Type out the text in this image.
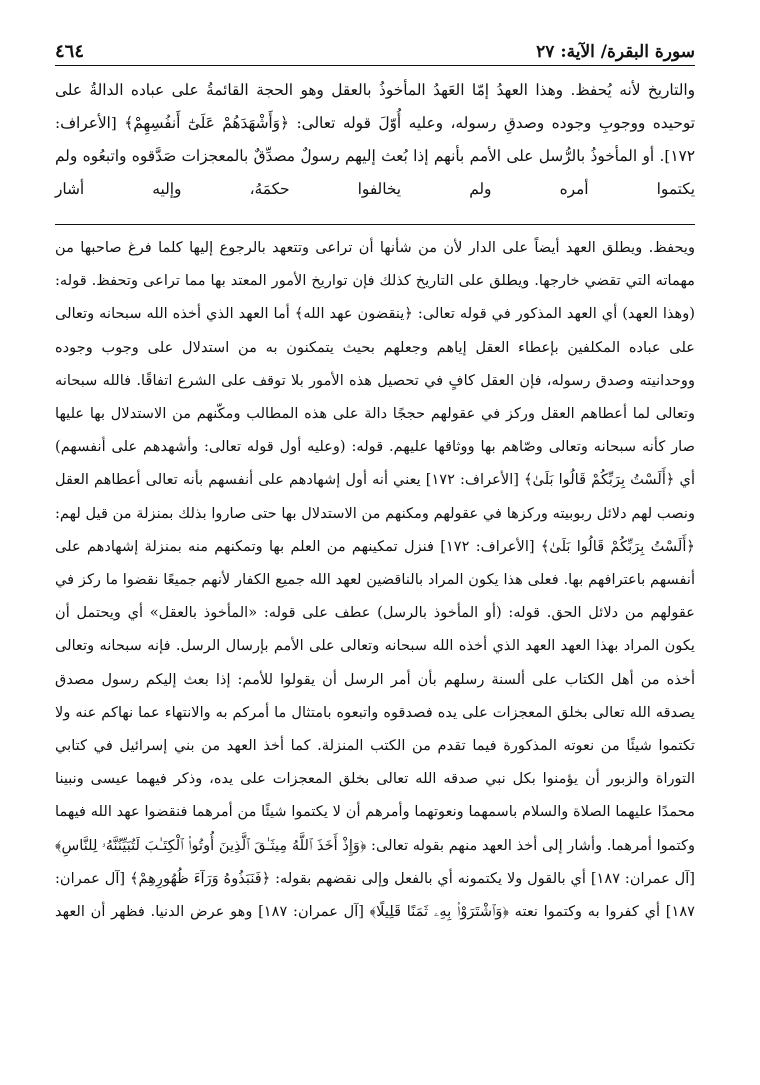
سورة البقرة/ الآية: ٢٧
٤٦٤

والتاريخ لأنه يُحفظ. وهذا العهدُ إمّا العَهدُ المأخوذُ بالعقل وهو الحجة القائمةُ على عباده الدالةُ على توحيده ووجوبِ وجوده وصدقِ رسوله، وعليه أُوّلَ قوله تعالى: ﴿وَأَشْهَدَهُمْ عَلَىٰٓ أَنفُسِهِمْ﴾ [الأعراف: ١٧٢]. أو المأخوذُ بالرُّسل على الأمم بأنهم إذا بُعث إليهم رسولٌ مصدِّقٌ بالمعجزات صَدَّقوه واتبعُوه ولم يكتموا أمره ولم يخالفوا حكمَهُ، وإليه أشار

ويحفظ. ويطلق العهد أيضاً على الدار لأن من شأنها أن تراعى وتتعهد بالرجوع إليها كلما فرغ صاحبها من مهماته التي تقضي خارجها. ويطلق على التاريخ كذلك فإن تواريخ الأمور المعتد بها مما تراعى وتحفظ. قوله: (وهذا العهد) أي العهد المذكور في قوله تعالى: ﴿ينقضون عهد الله﴾ أما العهد الذي أخذه الله سبحانه وتعالى على عباده المكلفين بإعطاء العقل إياهم وجعلهم بحيث يتمكنون به من استدلال على وجوب وجوده ووحدانيته وصدق رسوله، فإن العقل كافٍ في تحصيل هذه الأمور بلا توقف على الشرع اتفاقًا. فالله سبحانه وتعالى لما أعطاهم العقل وركز في عقولهم حججًا دالة على هذه المطالب ومكّنهم من الاستدلال بها عليها صار كأنه سبحانه وتعالى وصّاهم بها ووثاقها عليهم. قوله: (وعليه أول قوله تعالى: وأشهدهم على أنفسهم) أي ﴿أَلَسْتُ بِرَبِّكُمْ قَالُوا بَلَىٰ﴾ [الأعراف: ١٧٢] يعني أنه أول إشهادهم على أنفسهم بأنه تعالى أعطاهم العقل ونصب لهم دلائل ربوبيته وركزها في عقولهم ومكنهم من الاستدلال بها حتى صاروا بذلك بمنزلة من قيل لهم: ﴿أَلَسْتُ بِرَبِّكُمْ قَالُوا بَلَىٰ﴾ [الأعراف: ١٧٢] فنزل تمكينهم من العلم بها وتمكنهم منه بمنزلة إشهادهم على أنفسهم باعترافهم بها. فعلى هذا يكون المراد بالناقضين لعهد الله جميع الكفار لأنهم جميعًا نقضوا ما ركز في عقولهم من دلائل الحق. قوله: (أو المأخوذ بالرسل) عطف على قوله: «المأخوذ بالعقل» أي ويحتمل أن يكون المراد بهذا العهد العهد الذي أخذه الله سبحانه وتعالى على الأمم بإرسال الرسل. فإنه سبحانه وتعالى أخذه من أهل الكتاب على ألسنة رسلهم بأن أمر الرسل أن يقولوا للأمم: إذا بعث إليكم رسول مصدق يصدقه الله تعالى بخلق المعجزات على يده فصدقوه واتبعوه بامتثال ما أمركم به والانتهاء عما نهاكم عنه ولا تكتموا شيئًا من نعوته المذكورة فيما تقدم من الكتب المنزلة. كما أخذ العهد من بني إسرائيل في كتابي التوراة والزبور أن يؤمنوا بكل نبي صدقه الله تعالى بخلق المعجزات على يده، وذكر فيهما عيسى ونبينا محمدًا عليهما الصلاة والسلام باسمهما ونعوتهما وأمرهم أن لا يكتموا شيئًا من أمرهما فنقضوا عهد الله فيهما وكتموا أمرهما. وأشار إلى أخذ العهد منهم بقوله تعالى: ﴿وَإِذْ أَخَذَ ٱللَّهُ مِيثَـٰقَ ٱلَّذِينَ أُوتُوا۟ ٱلْكِتَـٰبَ لَتُبَيِّنُنَّهُۥ لِلنَّاسِ﴾ [آل عمران: ١٨٧] أي بالقول ولا يكتمونه أي بالفعل وإلى نقضهم بقوله: ﴿فَنَبَذُوهُ وَرَآءَ ظُهُورِهِمْ﴾ [آل عمران: ١٨٧] أي كفروا به وكتموا نعته ﴿وَٱشْتَرَوْا۟ بِهِۦ ثَمَنًا قَلِيلًا﴾ [آل عمران: ١٨٧] وهو عرض الدنيا. فظهر أن العهد
